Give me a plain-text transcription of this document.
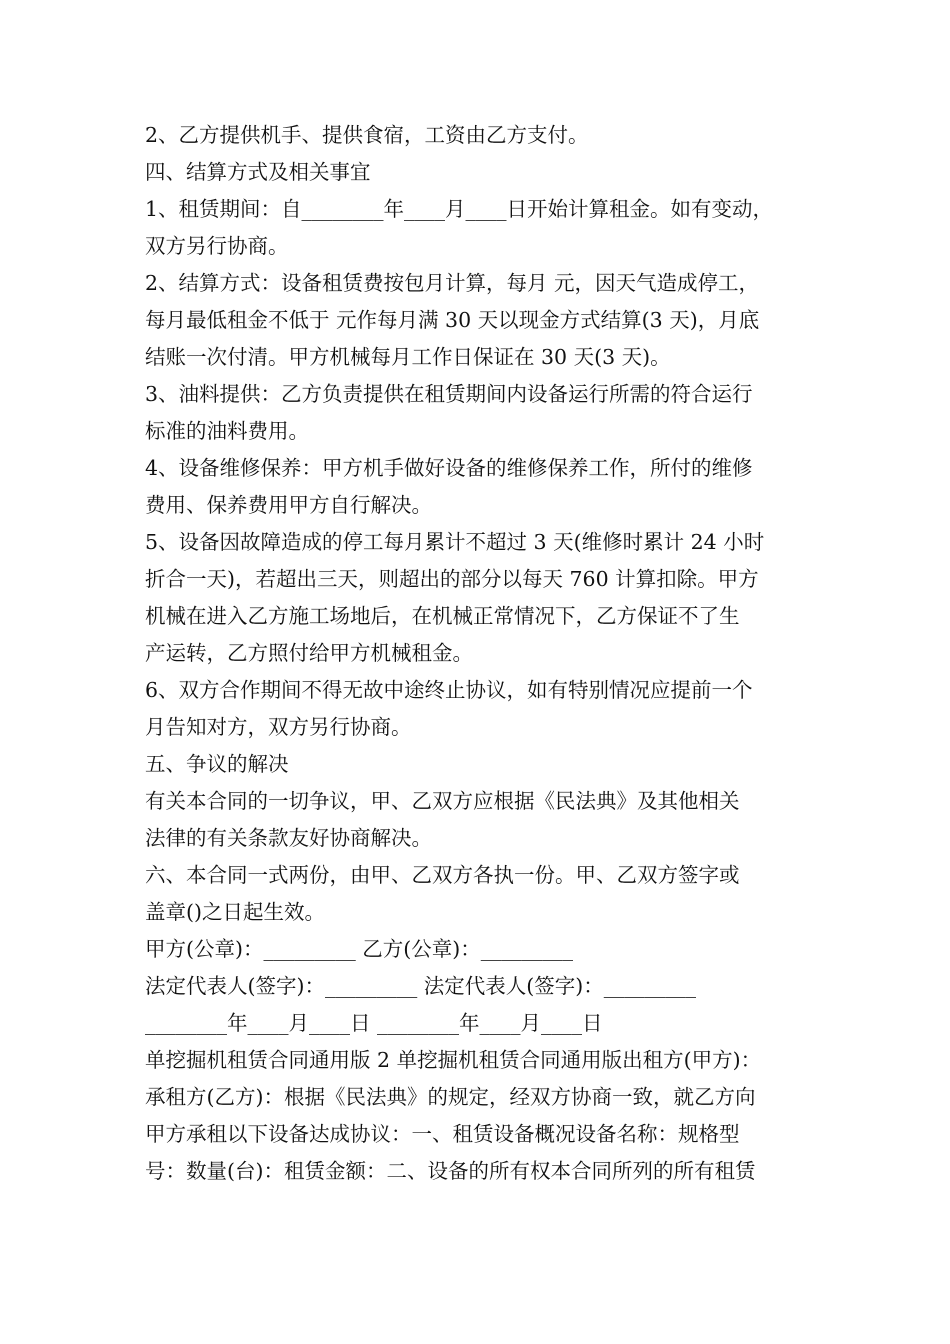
2、乙方提供机手、提供食宿，工资由乙方支付。
四、结算方式及相关事宜
1、租赁期间：自________年____月____日开始计算租金。如有变动，
双方另行协商。
2、结算方式：设备租赁费按包月计算，每月 元，因天气造成停工，
每月最低租金不低于 元作每月满 30 天以现金方式结算(3 天)，月底
结账一次付清。甲方机械每月工作日保证在 30 天(3 天)。
3、油料提供：乙方负责提供在租赁期间内设备运行所需的符合运行
标准的油料费用。
4、设备维修保养：甲方机手做好设备的维修保养工作，所付的维修
费用、保养费用甲方自行解决。
5、设备因故障造成的停工每月累计不超过 3 天(维修时累计 24 小时
折合一天)，若超出三天，则超出的部分以每天 760 计算扣除。甲方
机械在进入乙方施工场地后，在机械正常情况下，乙方保证不了生
产运转，乙方照付给甲方机械租金。
6、双方合作期间不得无故中途终止协议，如有特别情况应提前一个
月告知对方，双方另行协商。
五、争议的解决
有关本合同的一切争议，甲、乙双方应根据《民法典》及其他相关
法律的有关条款友好协商解决。
六、本合同一式两份，由甲、乙双方各执一份。甲、乙双方签字或
盖章()之日起生效。
甲方(公章)：_________ 乙方(公章)：_________
法定代表人(签字)：_________ 法定代表人(签字)：_________
________年____月____日 ________年____月____日
单挖掘机租赁合同通用版 2 单挖掘机租赁合同通用版出租方(甲方)：
承租方(乙方)：根据《民法典》的规定，经双方协商一致，就乙方向
甲方承租以下设备达成协议：一、租赁设备概况设备名称：规格型
号：数量(台)：租赁金额：二、设备的所有权本合同所列的所有租赁
